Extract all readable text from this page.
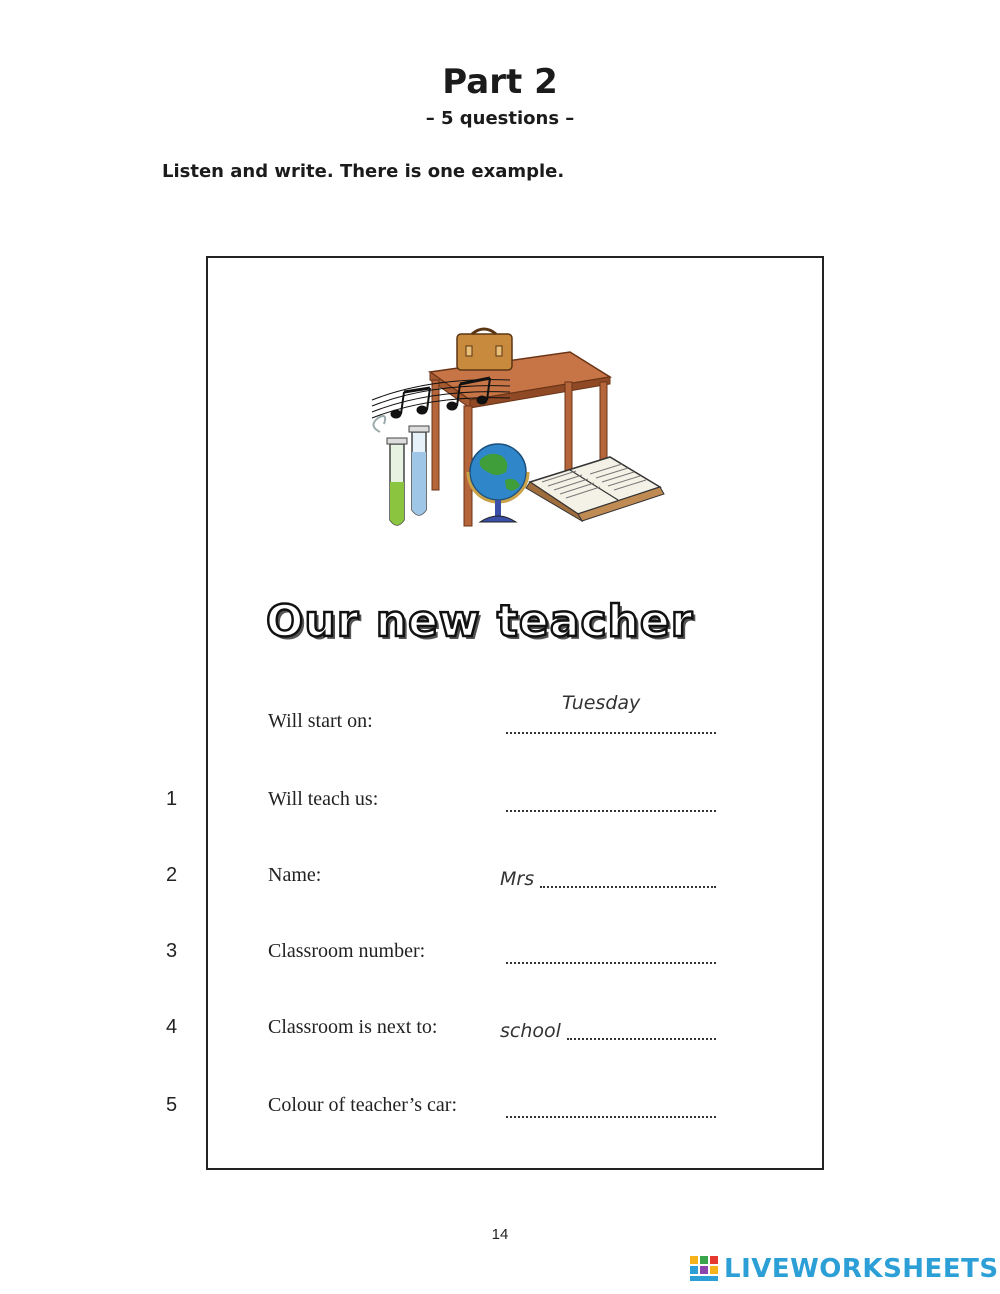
Part 2
– 5 questions –
Listen and write. There is one example.
Our new teacher
Will start on:
Tuesday
1	Will teach us:
2	Name:	Mrs
3	Classroom number:
4	Classroom is next to:	school
5	Colour of teacher’s car:
14
LIVEWORKSHEETS
